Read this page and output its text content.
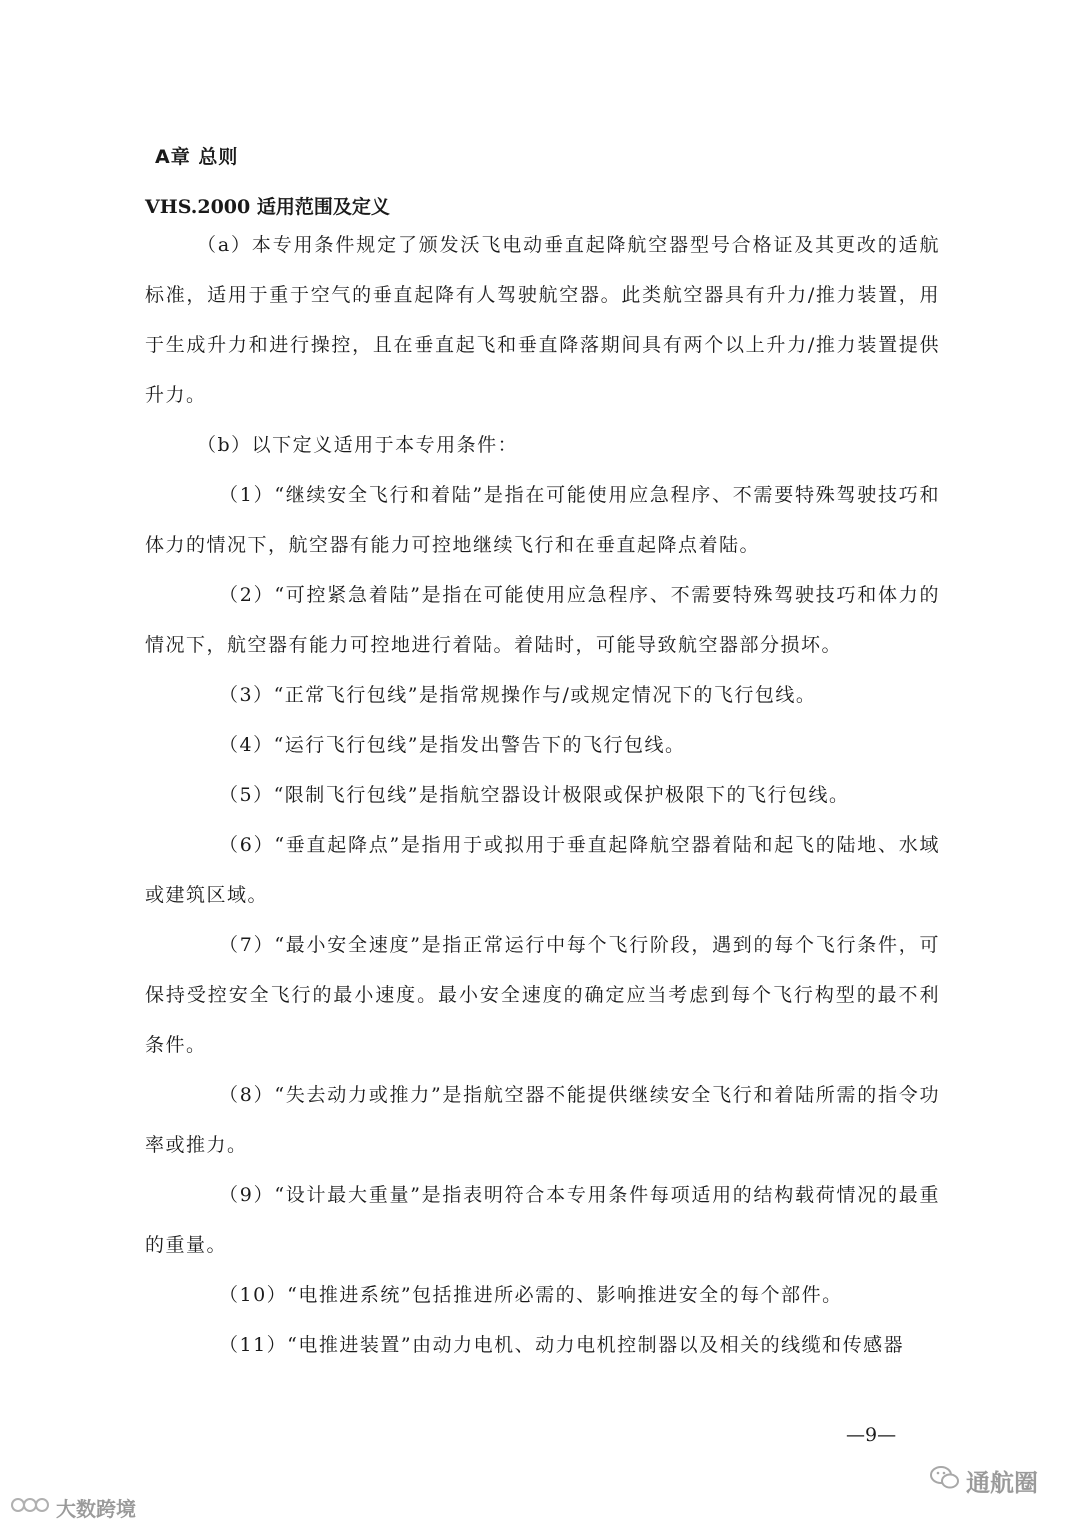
A章 总则
VHS.2000 适用范围及定义

（a）本专用条件规定了颁发沃飞电动垂直起降航空器型号合格证及其更改的适航标准，适用于重于空气的垂直起降有人驾驶航空器。此类航空器具有升力/推力装置，用于生成升力和进行操控，且在垂直起飞和垂直降落期间具有两个以上升力/推力装置提供升力。

（b）以下定义适用于本专用条件：

（1）“继续安全飞行和着陆”是指在可能使用应急程序、不需要特殊驾驶技巧和体力的情况下，航空器有能力可控地继续飞行和在垂直起降点着陆。

（2）“可控紧急着陆”是指在可能使用应急程序、不需要特殊驾驶技巧和体力的情况下，航空器有能力可控地进行着陆。着陆时，可能导致航空器部分损坏。

（3）“正常飞行包线”是指常规操作与/或规定情况下的飞行包线。

（4）“运行飞行包线”是指发出警告下的飞行包线。

（5）“限制飞行包线”是指航空器设计极限或保护极限下的飞行包线。

（6）“垂直起降点”是指用于或拟用于垂直起降航空器着陆和起飞的陆地、水域或建筑区域。

（7）“最小安全速度”是指正常运行中每个飞行阶段，遇到的每个飞行条件，可保持受控安全飞行的最小速度。最小安全速度的确定应当考虑到每个飞行构型的最不利条件。

（8）“失去动力或推力”是指航空器不能提供继续安全飞行和着陆所需的指令功率或推力。

（9）“设计最大重量”是指表明符合本专用条件每项适用的结构载荷情况的最重的重量。

（10）“电推进系统”包括推进所必需的、影响推进安全的每个部件。

（11）“电推进装置”由动力电机、动力电机控制器以及相关的线缆和传感器

—9—
大数跨境
通航圈
